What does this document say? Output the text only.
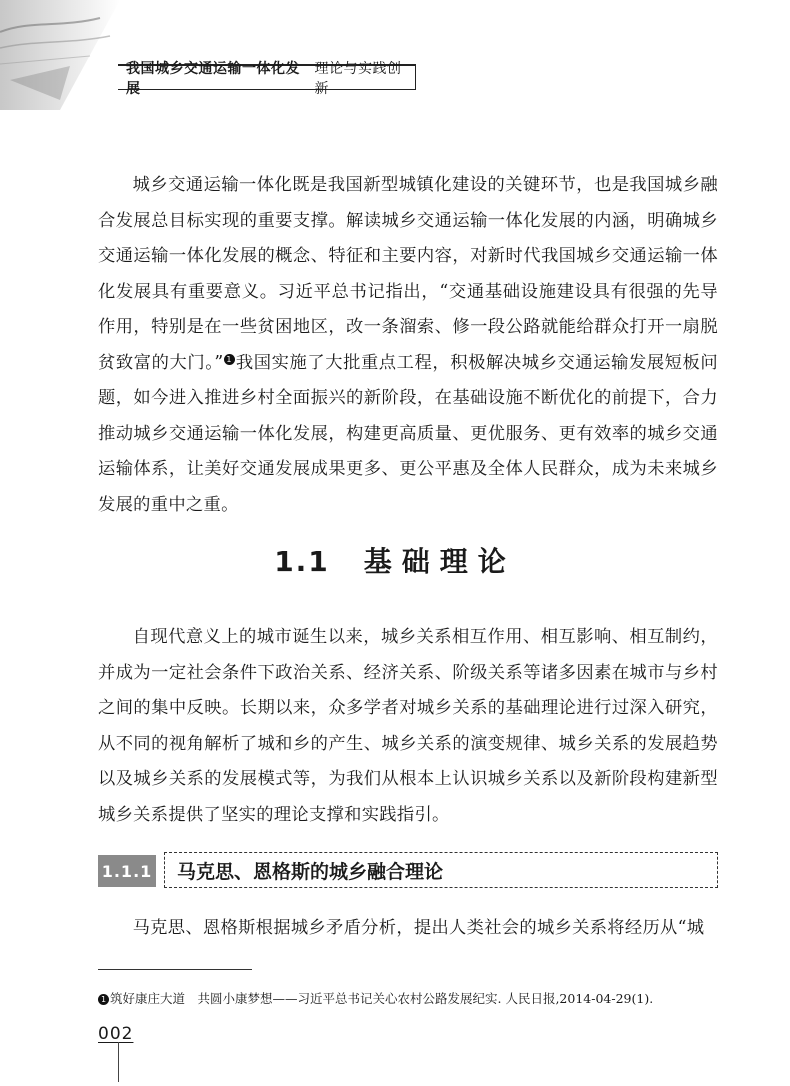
我国城乡交通运输一体化发展
理论与实践创新

城乡交通运输一体化既是我国新型城镇化建设的关键环节，也是我国城乡融合发展总目标实现的重要支撑。解读城乡交通运输一体化发展的内涵，明确城乡交通运输一体化发展的概念、特征和主要内容，对新时代我国城乡交通运输一体化发展具有重要意义。习近平总书记指出，“交通基础设施建设具有很强的先导作用，特别是在一些贫困地区，改一条溜索、修一段公路就能给群众打开一扇脱贫致富的大门。” 1 我国实施了大批重点工程，积极解决城乡交通运输发展短板问题，如今进入推进乡村全面振兴的新阶段，在基础设施不断优化的前提下，合力推动城乡交通运输一体化发展，构建更高质量、更优服务、更有效率的城乡交通运输体系，让美好交通发展成果更多、更公平惠及全体人民群众，成为未来城乡发展的重中之重。

1.1 基础理论

自现代意义上的城市诞生以来，城乡关系相互作用、相互影响、相互制约，并成为一定社会条件下政治关系、经济关系、阶级关系等诸多因素在城市与乡村之间的集中反映。长期以来，众多学者对城乡关系的基础理论进行过深入研究，从不同的视角解析了城和乡的产生、城乡关系的演变规律、城乡关系的发展趋势以及城乡关系的发展模式等，为我们从根本上认识城乡关系以及新阶段构建新型城乡关系提供了坚实的理论支撑和实践指引。

1.1.1 马克思、恩格斯的城乡融合理论

马克思、恩格斯根据城乡矛盾分析，提出人类社会的城乡关系将经历从“城

1 筑好康庄大道　共圆小康梦想——习近平总书记关心农村公路发展纪实. 人民日报,2014-04-29(1).

002
